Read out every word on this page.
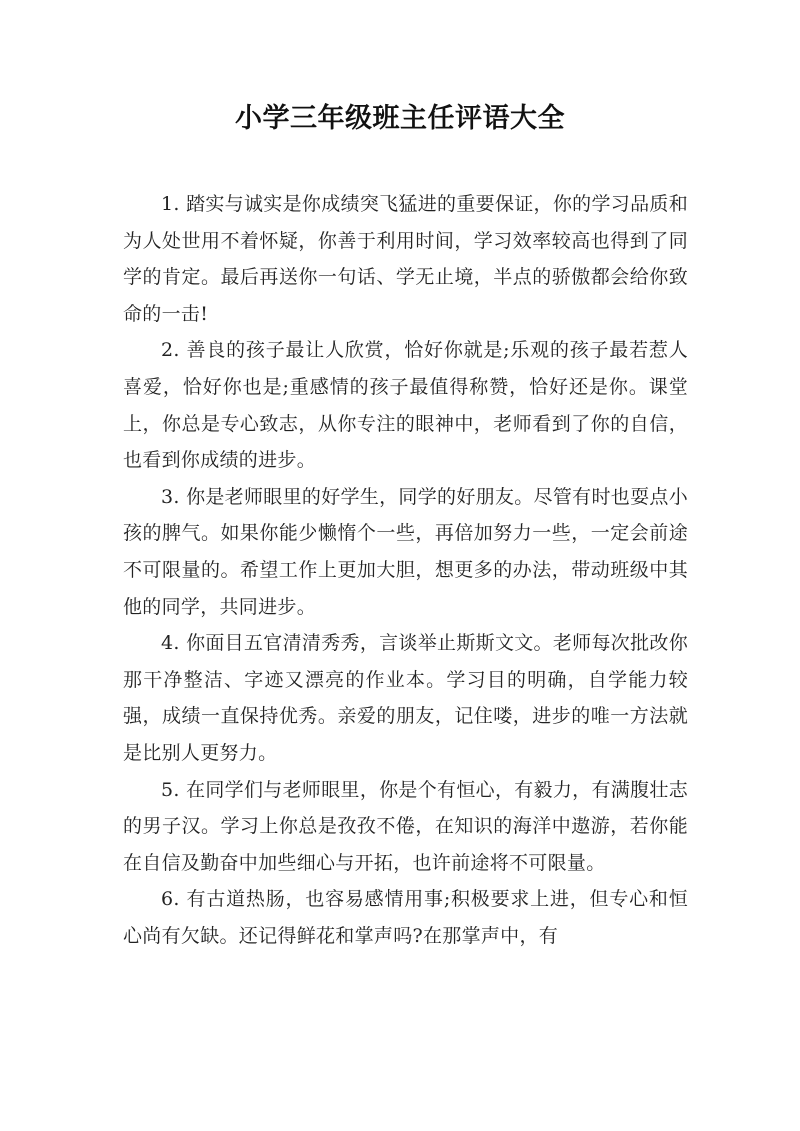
小学三年级班主任评语大全

1. 踏实与诚实是你成绩突飞猛进的重要保证，你的学习品质和为人处世用不着怀疑，你善于利用时间，学习效率较高也得到了同学的肯定。最后再送你一句话、学无止境，半点的骄傲都会给你致命的一击!

2. 善良的孩子最让人欣赏，恰好你就是;乐观的孩子最若惹人喜爱，恰好你也是;重感情的孩子最值得称赞，恰好还是你。课堂上，你总是专心致志，从你专注的眼神中，老师看到了你的自信，也看到你成绩的进步。

3. 你是老师眼里的好学生，同学的好朋友。尽管有时也耍点小孩的脾气。如果你能少懒惰个一些，再倍加努力一些，一定会前途不可限量的。希望工作上更加大胆，想更多的办法，带动班级中其他的同学，共同进步。

4. 你面目五官清清秀秀，言谈举止斯斯文文。老师每次批改你那干净整洁、字迹又漂亮的作业本。学习目的明确，自学能力较强，成绩一直保持优秀。亲爱的朋友，记住喽，进步的唯一方法就是比别人更努力。

5. 在同学们与老师眼里，你是个有恒心，有毅力，有满腹壮志的男子汉。学习上你总是孜孜不倦，在知识的海洋中遨游，若你能在自信及勤奋中加些细心与开拓，也许前途将不可限量。

6. 有古道热肠，也容易感情用事;积极要求上进，但专心和恒心尚有欠缺。还记得鲜花和掌声吗?在那掌声中，有
